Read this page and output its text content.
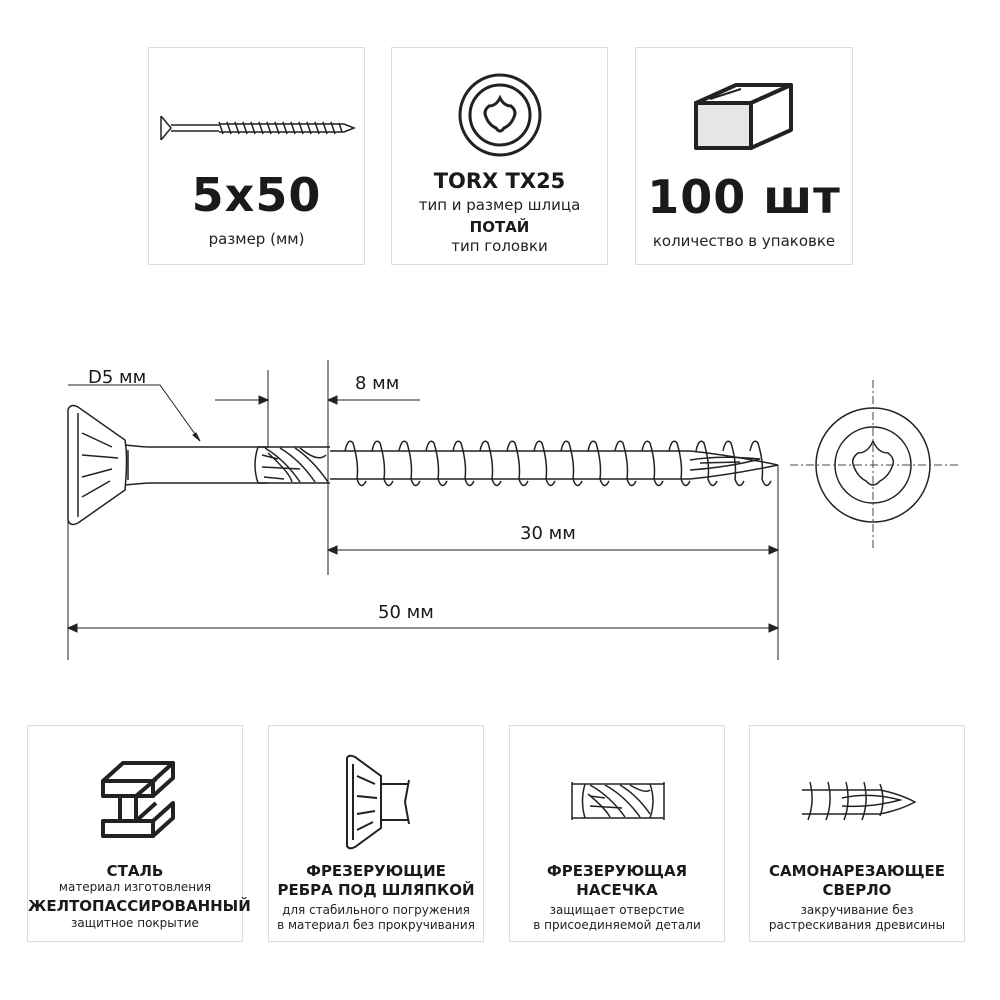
5x50
размер (мм)
TORX TX25
тип и размер шлица
ПОТАЙ
тип головки
100 шт
количество в упаковке
D5 мм	8 мм
30 мм
50 мм
СТАЛЬ
материал изготовления
ЖЕЛТОПАССИРОВАННЫЙ
защитное покрытие
ФРЕЗЕРУЮЩИЕ
РЕБРА ПОД ШЛЯПКОЙ
для стабильного погружения
в материал без прокручивания
ФРЕЗЕРУЮЩАЯ
НАСЕЧКА
защищает отверстие
в присоединяемой детали
САМОНАРЕЗАЮЩЕЕ
СВЕРЛО
закручивание без
растрескивания древисины
